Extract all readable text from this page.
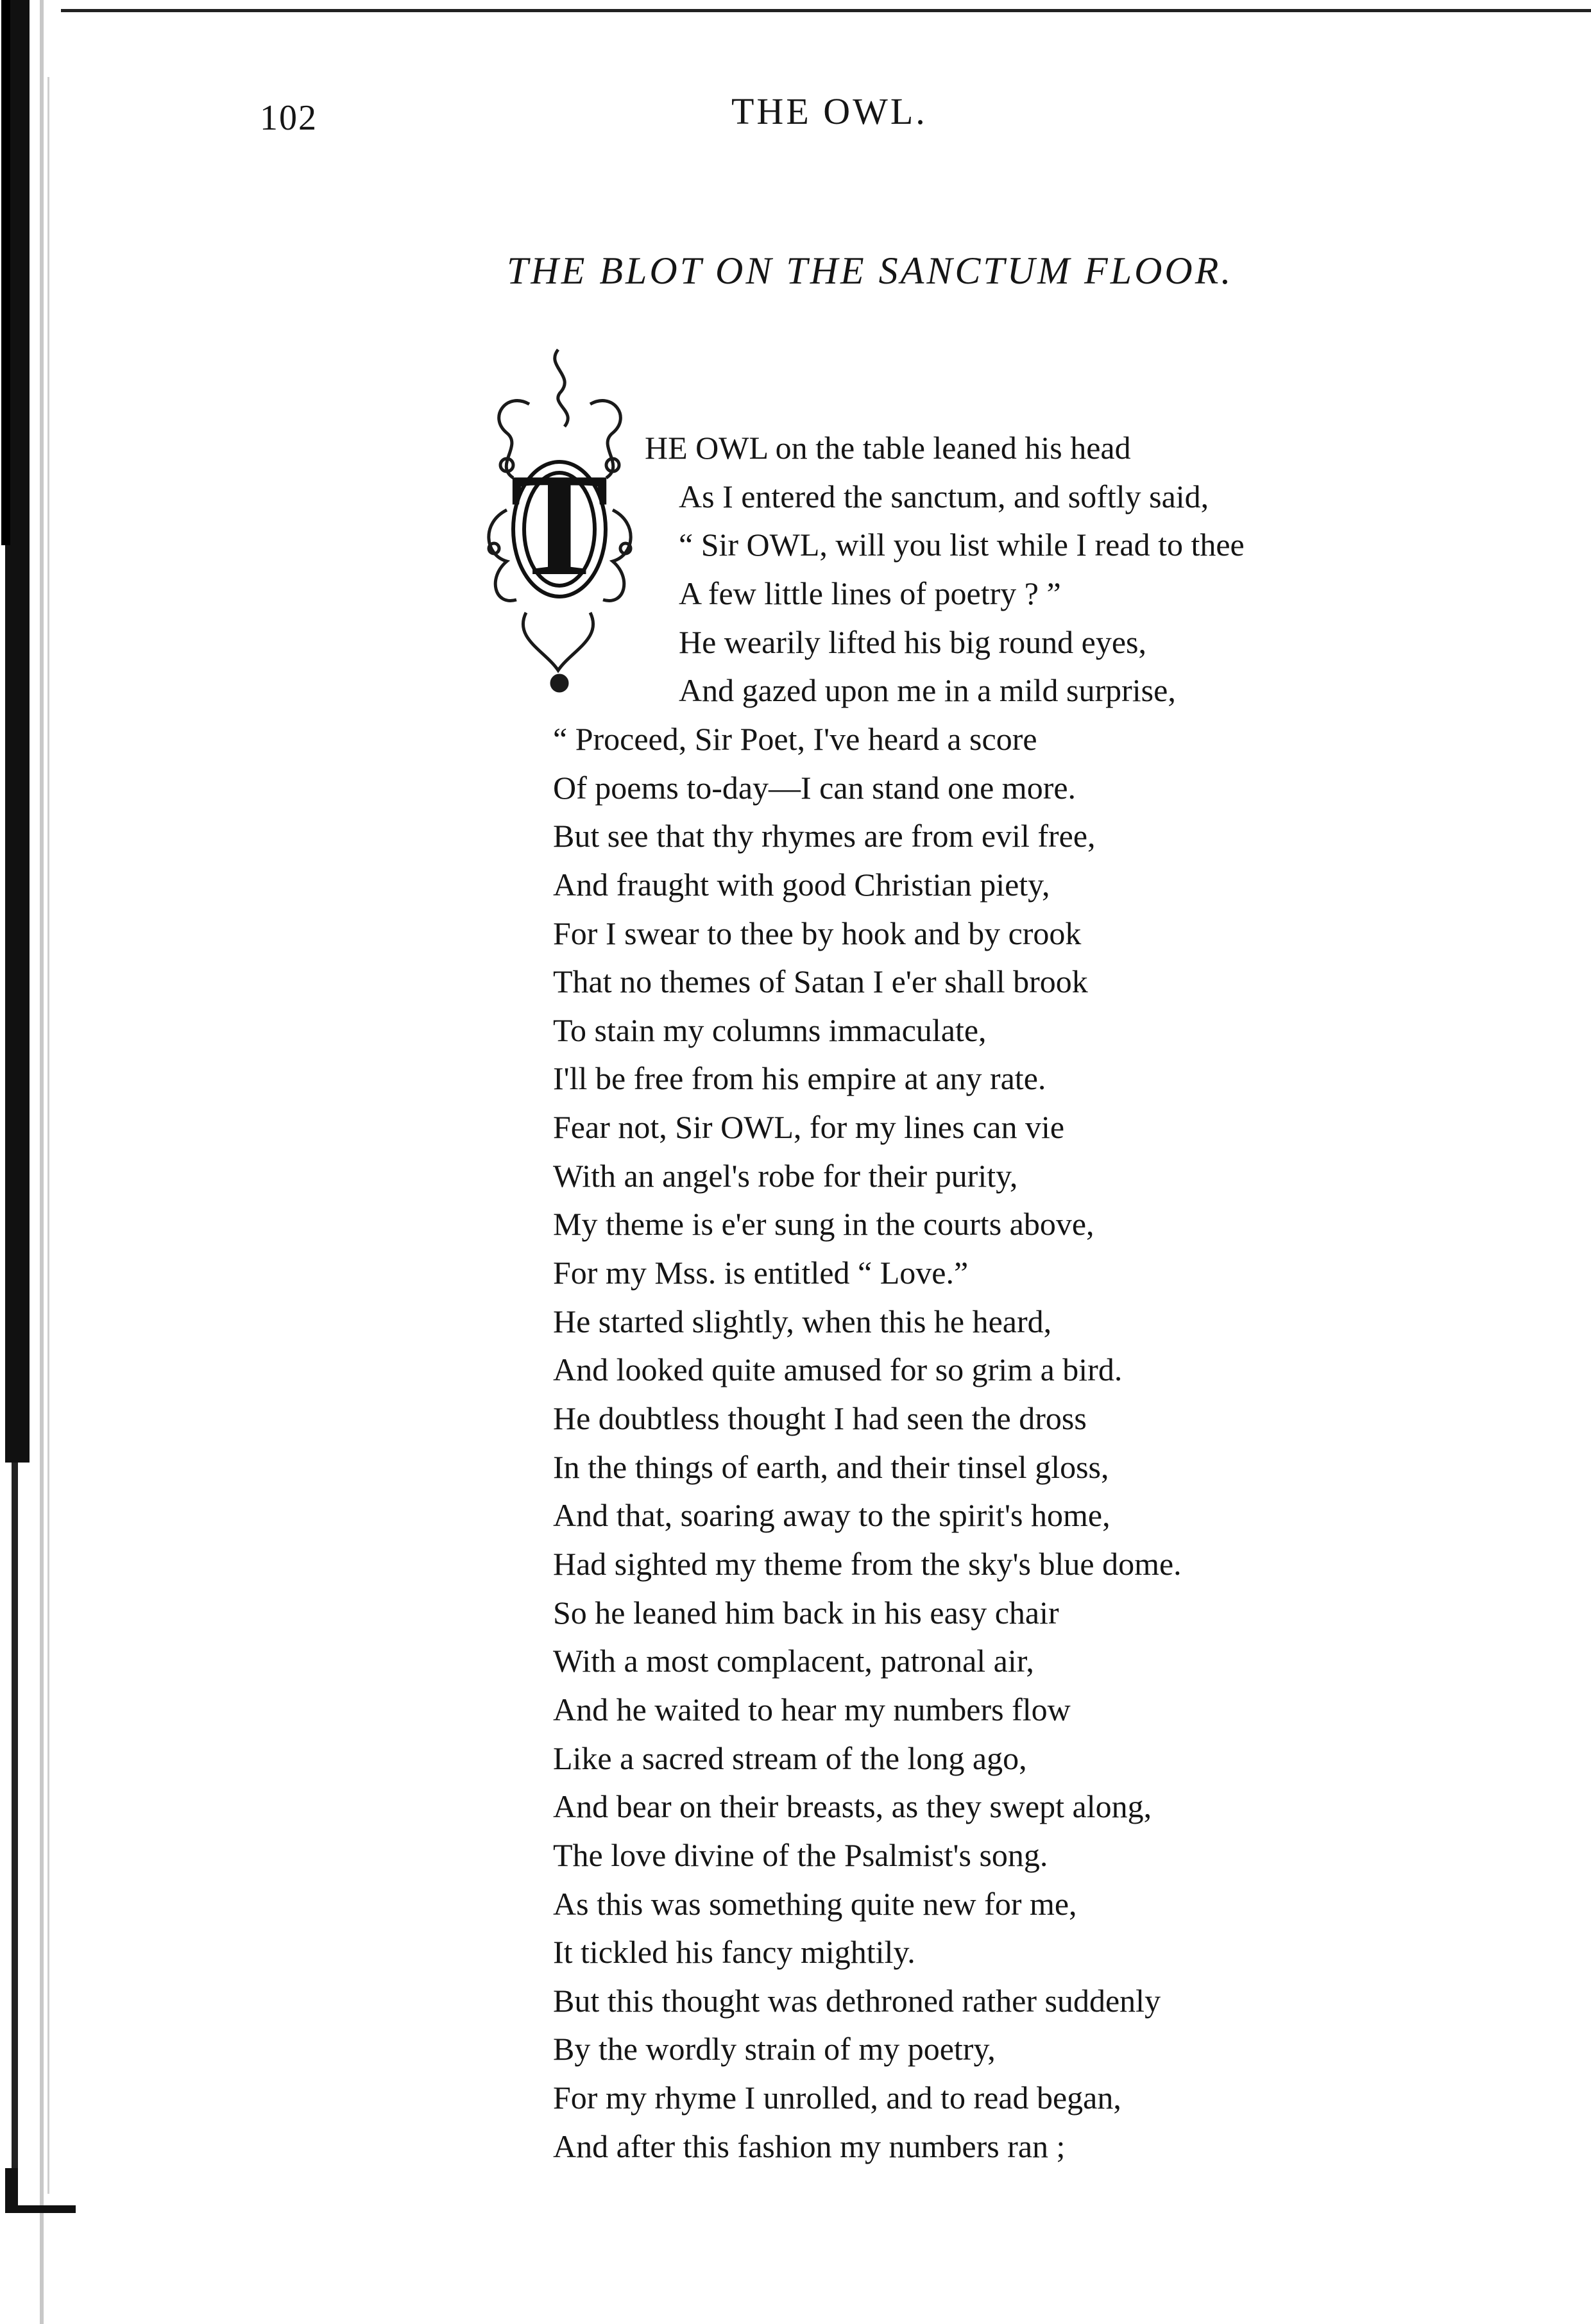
102	THE OWL.
THE BLOT ON THE SANCTUM FLOOR.
T HE OWL on the table leaned his head
As I entered the sanctum, and softly said,
“ Sir OWL, will you list while I read to thee
A few little lines of poetry ? ”
He wearily lifted his big round eyes,
And gazed upon me in a mild surprise,
“ Proceed, Sir Poet, I've heard a score
Of poems to-day—I can stand one more.
But see that thy rhymes are from evil free,
And fraught with good Christian piety,
For I swear to thee by hook and by crook
That no themes of Satan I e'er shall brook
To stain my columns immaculate,
I'll be free from his empire at any rate.
Fear not, Sir OWL, for my lines can vie
With an angel's robe for their purity,
My theme is e'er sung in the courts above,
For my Mss. is entitled “ Love.”
He started slightly, when this he heard,
And looked quite amused for so grim a bird.
He doubtless thought I had seen the dross
In the things of earth, and their tinsel gloss,
And that, soaring away to the spirit's home,
Had sighted my theme from the sky's blue dome.
So he leaned him back in his easy chair
With a most complacent, patronal air,
And he waited to hear my numbers flow
Like a sacred stream of the long ago,
And bear on their breasts, as they swept along,
The love divine of the Psalmist's song.
As this was something quite new for me,
It tickled his fancy mightily.
But this thought was dethroned rather suddenly
By the wordly strain of my poetry,
For my rhyme I unrolled, and to read began,
And after this fashion my numbers ran ;
